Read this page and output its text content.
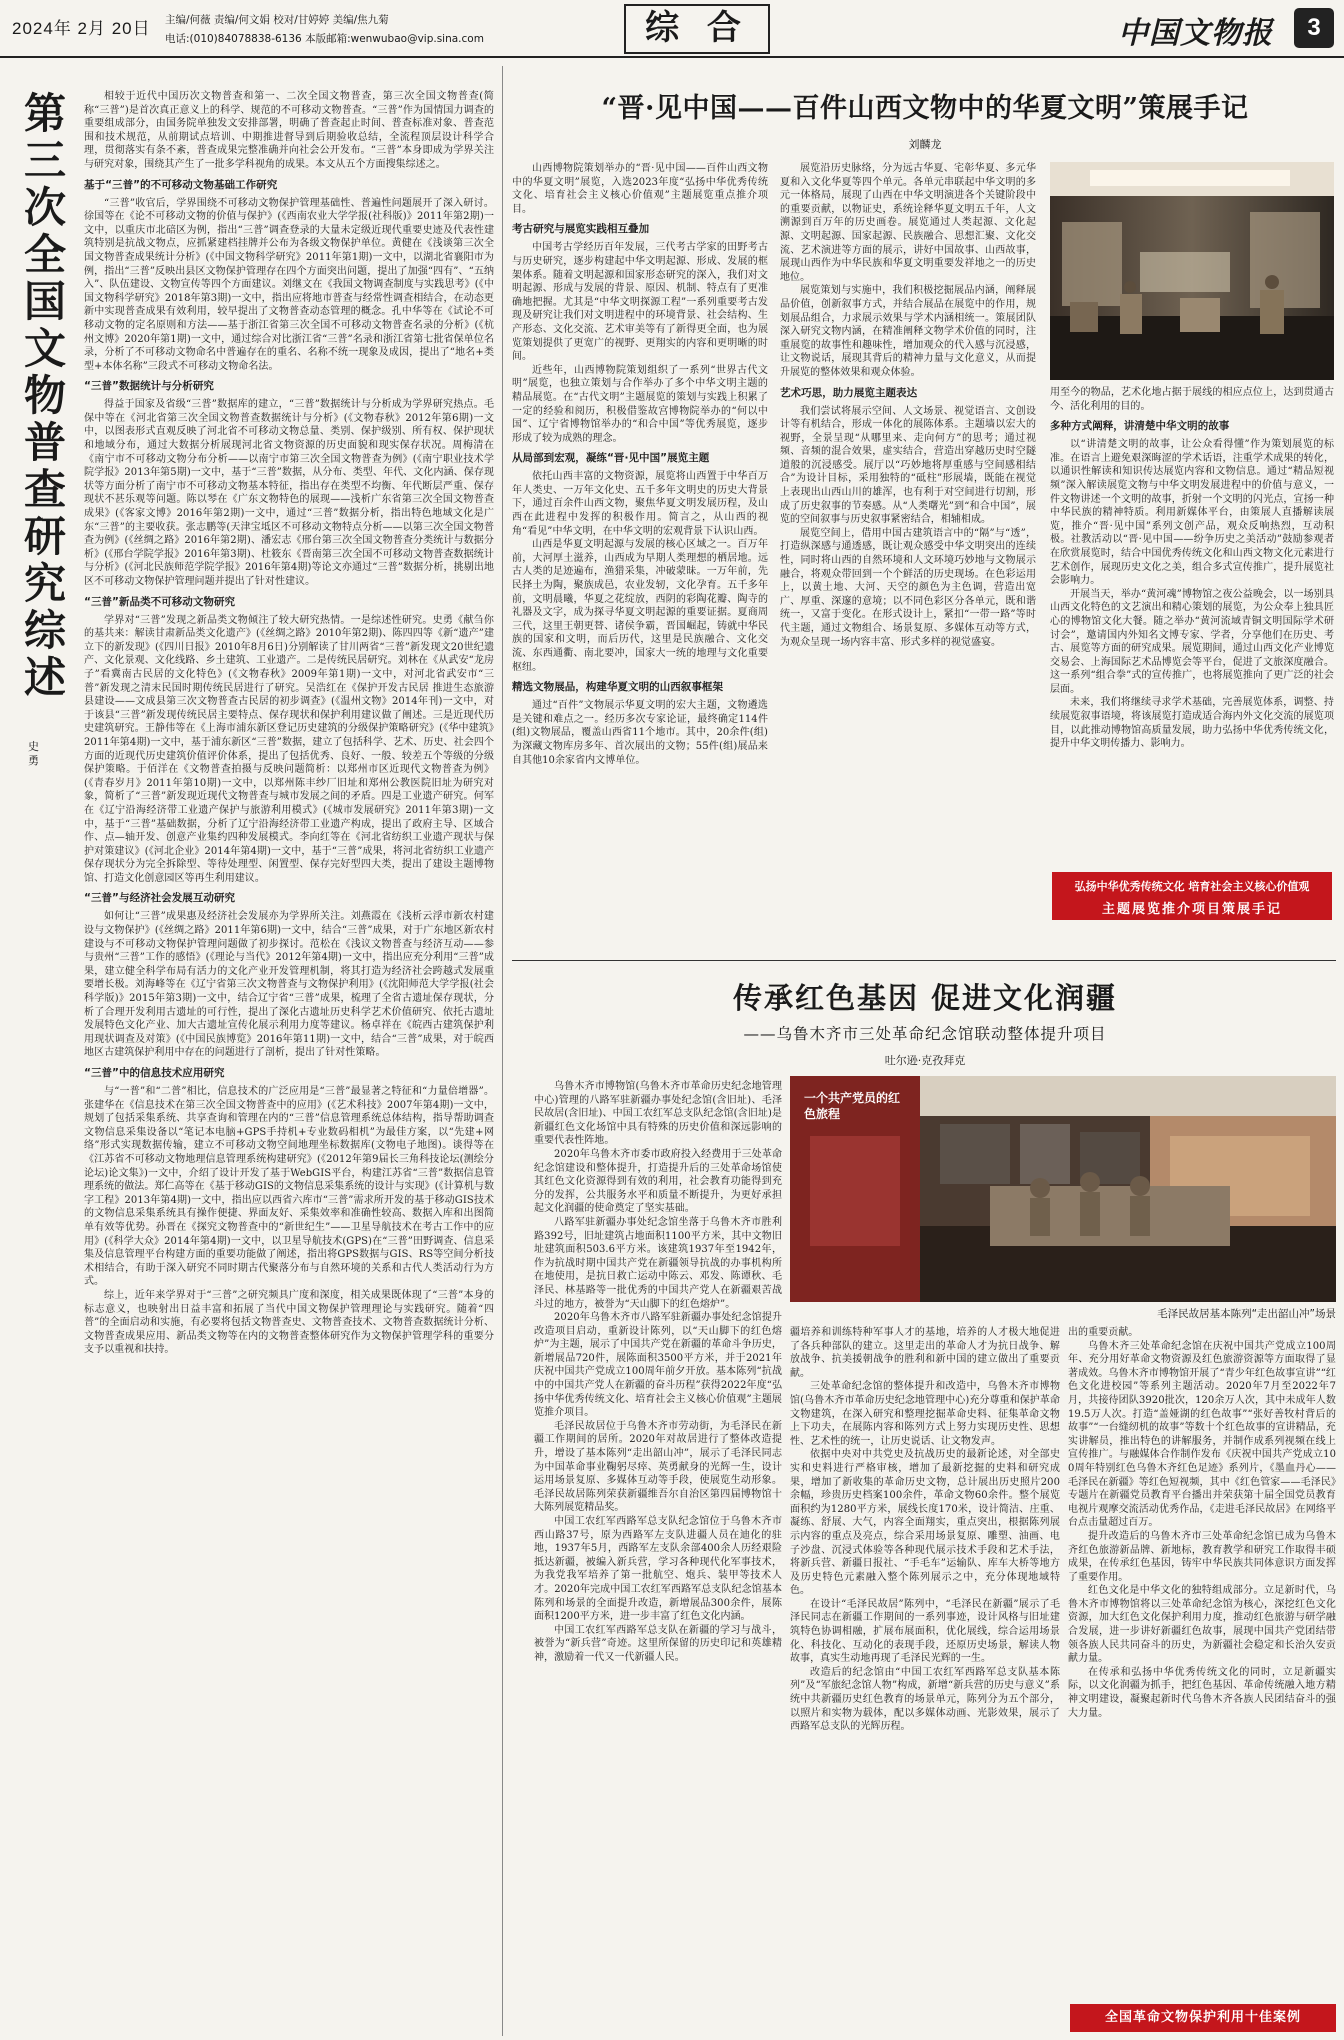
2024年 2月 20日 主编/何薇 责编/何文娟 校对/甘婷婷 美编/焦九菊
电话:(010)84078838-6136 本版邮箱:wenwubao@vip.sina.com	综 合	中国文物报	3
第
三
次
全
国
文
物
普
查
研
究
综
述
史勇
相较于近代中国历次文物普查和第一、二次全国文物普查，第三次全国文物普查(简称“三普”)是首次真正意义上的科学、规范的不可移动文物普查。“三普”作为国情国力调查的重要组成部分，由国务院单独发文安排部署，明确了普查起止时间、普查标准对象、普查范围和技术规范，从前期试点培训、中期推进督导到后期验收总结，全流程顶层设计科学合理，贯彻落实有条不紊，普查成果完整准确并向社会公开发布。“三普”本身即成为学界关注与研究对象，围绕其产生了一批多学科视角的成果。本文从五个方面搜集综述之。
基于“三普”的不可移动文物基础工作研究
“三普”收官后，学界围绕不可移动文物保护管理基础性、普遍性问题展开了深入研讨。徐国等在《论不可移动文物的价值与保护》(《西南农业大学学报(社科版)》2011年第2期)一文中，以重庆市北碚区为例，指出“三普”调查登录的大量未定级近现代重要史迹及代表性建筑特别是抗战文物点，应抓紧建档挂牌并公布为各级文物保护单位。黄健在《浅谈第三次全国文物普查成果统计分析》(《中国文物科学研究》2011年第1期)一文中，以湖北省襄阳市为例，指出“三普”反映出县区文物保护管理存在四个方面突出问题，提出了加强“四有”、“五纳入”、队伍建设、文物宣传等四个方面建议。刘继文在《我国文物调查制度与实践思考》(《中国文物科学研究》2018年第3期)一文中，指出应将地市普查与经常性调查相结合，在动态更新中实现普查成果有效利用，较早提出了文物普查动态管理的概念。孔中华等在《试论不可移动文物的定名原则和方法——基于浙江省第三次全国不可移动文物普查名录的分析》(《杭州文博》2020年第1期)一文中，通过综合对比浙江省“三普”名录和浙江省第七批省保单位名录，分析了不可移动文物命名中普遍存在的重名、名称不统一现象及成因，提出了“地名+类型+本体名称”三段式不可移动文物命名法。
“三普”数据统计与分析研究
得益于国家及省级“三普”数据库的建立，“三普”数据统计与分析成为学界研究热点。毛保中等在《河北省第三次全国文物普查数据统计与分析》(《文物春秋》2012年第6期)一文中，以图表形式直观反映了河北省不可移动文物总量、类别、保护级别、所有权、保护现状和地域分布，通过大数据分析展现河北省文物资源的历史面貌和现实保存状况。周梅清在《南宁市不可移动文物分布分析——以南宁市第三次全国文物普查为例》(《南宁职业技术学院学报》2013年第5期)一文中，基于“三普”数据，从分布、类型、年代、文化内涵、保存现状等方面分析了南宁市不可移动文物基本特征，指出存在类型不均衡、年代断层严重、保存现状不甚乐观等问题。陈以琴在《广东文物特色的展现——浅析广东省第三次全国文物普查成果》(《客家文博》2016年第2期)一文中，通过“三普”数据分析，指出特色地域文化是广东“三普”的主要收获。张志鹏等(天津宝坻区不可移动文物特点分析——以第三次全国文物普查为例》(《丝绸之路》2016年第2期)、潘宏志《邢台第三次全国文物普查分类统计与数据分析》(《邢台学院学报》2016年第3期)、杜筱东《晋南第三次全国不可移动文物普查数据统计与分析》(《河北民族师范学院学报》2016年第4期)等论文亦通过“三普”数据分析，挑剔出地区不可移动文物保护管理问题并提出了针对性建议。
“三普”新品类不可移动文物研究
学界对“三普”发现之新品类文物倾注了较大研究热情。一是综述性研究。史勇《献刍你的基共来：解读甘肃新品类文化遗产》(《丝绸之路》2010年第2期)、陈四四等《新“遗产”建立下的新发现》(《四川日报》2010年8月6日)分别解读了甘川两省“三普”新发现文20世纪遗产、文化景观、文化线路、乡土建筑、工业遗产。二是传统民居研究。刘林在《从武安“龙房子”看冀南古民居的文化特色》(《文物春秋》2009年第1期)一文中，对河北省武安市“三普”新发现之清末民国时期传统民居进行了研究。吴浩红在《保护开发古民居 推进生态旅游县建设——文成县第三次文物普查古民居的初步调查》(《温州文物》2014年刊)一文中，对于该县“三普”新发现传统民居主要特点、保存现状和保护利用建议做了阐述。三是近现代历史建筑研究。王静伟等在《上海市浦东新区登记历史建筑的分级保护策略研究》(《华中建筑》2011年第4期)一文中，基于浦东新区“三普”数据，建立了包括科学、艺术、历史、社会四个方面的近现代历史建筑价值评价体系，提出了包括优秀、良好、一般、较差五个等级的分级保护策略。于佰洋在《文物普查拍摄与反映问题简析：以郑州市区近现代文物普查为例》(《青春岁月》2011年第10期)一文中，以郑州陈丰纱厂旧址和郑州公教医院旧址为研究对象，简析了“三普”新发现近现代文物普查与城市发展之间的矛盾。四是工业遗产研究。何军在《辽宁沿海经济带工业遗产保护与旅游利用模式》(《城市发展研究》2011年第3期)一文中，基于“三普”基础数据，分析了辽宁沿海经济带工业遗产构成，提出了政府主导、区域合作、点—轴开发、创意产业集约四种发展模式。李向红等在《河北省纺织工业遗产现状与保护对策建议》(《河北企业》2014年第4期)一文中，基于“三普”成果，将河北省纺织工业遗产保存现状分为完全拆除型、等待处理型、闲置型、保存完好型四大类，提出了建设主题博物馆、打造文化创意园区等再生利用建议。
“三普”与经济社会发展互动研究
如何让“三普”成果惠及经济社会发展亦为学界所关注。刘燕霞在《浅析云浮市新农村建设与文物保护》(《丝绸之路》2011年第6期)一文中，结合“三普”成果，对于广东地区新农村建设与不可移动文物保护管理问题做了初步探讨。范松在《浅议文物普查与经济互动——参与贵州“三普”工作的感悟》(《理论与当代》2012年第4期)一文中，指出应充分利用“三普”成果，建立健全科学布局有活力的文化产业开发管理机制，将其打造为经济社会跨越式发展重要增长极。刘海峰等在《辽宁省第三次文物普查与文物保护利用》(《沈阳师范大学学报(社会科学版)》2015年第3期)一文中，结合辽宁省“三普”成果，梳理了全省古遗址保存现状，分析了合理开发利用古遗址的可行性，提出了深化古遗址历史科学艺术价值研究、依托古遗址发展特色文化产业、加大古遗址宣传化展示利用力度等建议。杨卓祥在《皖西古建筑保护利用现状调查及对策》(《中国民族博览》2016年第11期)一文中，结合“三普”成果，对于皖西地区古建筑保护利用中存在的问题进行了剖析，提出了针对性策略。
“三普”中的信息技术应用研究
与“一普”和“二普”相比，信息技术的广泛应用是“三普”最显著之特征和“力量倍增器”。张建华在《信息技术在第三次全国文物普查中的应用》(《艺术科技》2007年第4期)一文中，规划了包括采集系统、共享查询和管理在内的“三普”信息管理系统总体结构，指导帮助调查文物信息采集设备以“笔记本电脑+GPS手持机+专业数码相机”为最佳方案，以“先建+网络”形式实现数据传输，建立不可移动文物空间地理坐标数据库(文物电子地图)。谈得等在《江苏省不可移动文物地理信息管理系统构建研究》(《2012年第9届长三角科技论坛(测绘分论坛)论文集》)一文中，介绍了设计开发了基于WebGIS平台，构建江苏省“三普”数据信息管理系统的做法。郑仁高等在《基于移动GIS的文物信息采集系统的设计与实现》(《计算机与数字工程》2013年第4期)一文中，指出应以西省六库市“三普”需求所开发的基于移动GIS技术的文物信息采集系统具有操作便捷、界面友好、采集效率和准确性较高、数据入库和出图简单有效等优势。孙晋在《探究文物普查中的“新世纪生”——卫星导航技术在考古工作中的应用》(《科学大众》2014年第4期)一文中，以卫星导航技术(GPS)在“三普”田野调查、信息采集及信息管理平台构建方面的重要功能做了阐述，指出将GPS数据与GIS、RS等空间分析技术相结合，有助于深入研究不同时期古代聚落分布与自然环境的关系和古代人类活动行为方式。
综上，近年来学界对于“三普”之研究频具广度和深度，相关成果既体现了“三普”本身的标志意义，也映射出日益丰富和拓展了当代中国文物保护管理理论与实践研究。随着“四普”的全面启动和实施，有必要将包括文物普查史、文物普查技术、文物普查数据统计分析、文物普查成果应用、新品类文物等在内的文物普查整体研究作为文物保护管理学科的重要分支予以重视和扶持。
“晋·见中国——百件山西文物中的华夏文明”策展手记
刘麟龙
山西博物院策划举办的“晋·见中国——百件山西文物中的华夏文明”展览，入选2023年度“弘扬中华优秀传统文化、培育社会主义核心价值观”主题展览重点推介项目。
考古研究与展览实践相互叠加
中国考古学经历百年发展，三代考古学家的田野考古与历史研究，逐步构建起中华文明起源、形成、发展的框架体系。随着文明起源和国家形态研究的深入，我们对文明起源、形成与发展的背景、原因、机制、特点有了更准确地把握。尤其是“中华文明探源工程”一系列重要考古发现及研究让我们对文明进程中的环境背景、社会结构、生产形态、文化交流、艺术审美等有了新得更全面，也为展览策划提供了更宽广的视野、更翔实的内容和更明晰的时间。
近些年，山西博物院策划组织了一系列“世界古代文明”展览，也独立策划与合作举办了多个中华文明主题的精品展览。在“古代文明”主题展览的策划与实践上积累了一定的经验和阅历，积极借鉴故宫博物院举办的“何以中国”、辽宁省博物馆举办的“和合中国”等优秀展览，逐步形成了较为成熟的理念。
从局部到宏观，凝练“晋·见中国”展览主题
依托山西丰富的文物资源，展览将山西置于中华百万年人类史、一万年文化史、五千多年文明史的历史大背景下，通过百余件山西文物，聚焦华夏文明发展历程，及山西在此进程中发挥的积极作用。简言之，从山西的视角“看见”中华文明，在中华文明的宏观背景下认识山西。
山西是华夏文明起源与发展的核心区域之一。百万年前，大河厚土滋养，山西成为早期人类理想的栖居地。远古人类的足迹遍布，渔猎采集，冲破蒙昧。一万年前，先民择土为陶，聚族成邑，农业发轫，文化孕育。五千多年前，文明晨曦，华夏之花绽放，西阴的彩陶花瓣、陶寺的礼器及文字，成为探寻华夏文明起源的重要证据。夏商周三代，这里王朝更替、诸侯争霸，晋国崛起，铸就中华民族的国家和文明，而后历代，这里是民族融合、文化交流、东西通衢、南北要冲，国家大一统的地理与文化重要枢纽。
精选文物展品，构建华夏文明的山西叙事框架
通过“百件”文物展示华夏文明的宏大主题，文物遴选是关键和难点之一。经历多次专家论证，最终确定114件(组)文物展品，覆盖山西省11个地市。其中，20余件(组)为深藏文物库房多年、首次展出的文物；55件(组)展品来自其他10余家省内文博单位。
展览沿历史脉络，分为远古华夏、宅彰华夏、多元华夏和入文化华夏等四个单元。各单元串联起中华文明的多元一体格局，展现了山西在中华文明演进各个关键阶段中的重要贡献，以物证史，系统诠释华夏文明五千年，人文溯源到百万年的历史画卷。展览通过人类起源、文化起源、文明起源、国家起源、民族融合、思想汇聚、文化交流、艺术演进等方面的展示，讲好中国故事、山西故事，展现山西作为中华民族和华夏文明重要发祥地之一的历史地位。
展览策划与实施中，我们积极挖掘展品内涵，阐释展品价值，创新叙事方式，并结合展品在展览中的作用，规划展品组合，力求展示效果与学术内涵相统一。策展团队深入研究文物内涵，在精准阐释文物学术价值的同时，注重展览的故事性和趣味性，增加观众的代入感与沉浸感，让文物说话，展现其背后的精神力量与文化意义，从而提升展览的整体效果和观众体验。
艺术巧思，助力展览主题表达
我们尝试将展示空间、人文场景、视觉语言、文创设计等有机结合，形成一体化的展陈体系。主题墙以宏大的视野，全景呈现“从哪里来、走向何方”的思考；通过视频、音频的混合效果，虚实结合，营造出穿越历史时空隧道般的沉浸感受。展厅以“巧妙地将厚重感与空间感相结合”为设计目标，采用独特的“砥柱”形展墙，既能在视觉上表现出山西山川的雄浑，也有利于对空间进行切割，形成了历史叙事的节奏感。从“人类曙光”到“和合中国”，展览的空间叙事与历史叙事紧密结合，相辅相成。
展览空间上，借用中国古建筑语言中的“隔”与“透”，打造纵深感与通透感，既让观众感受中华文明突出的连续性，同时将山西的自然环境和人文环境巧妙地与文物展示融合，将观众带回到一个个鲜活的历史现场。在色彩运用上，以黄土地、大河、天空的颜色为主色调，营造出宽广、厚重、深邃的意境；以不同色彩区分各单元，既和谐统一，又富于变化。在形式设计上，紧扣“一带一路”等时代主题，通过文物组合、场景复原、多媒体互动等方式，为观众呈现一场内容丰富、形式多样的视觉盛宴。
用至今的物品，艺术化地占据于展线的相应点位上，达到贯通古今、活化利用的目的。
多种方式阐释，讲清楚中华文明的故事
以“讲清楚文明的故事，让公众看得懂”作为策划展览的标准。在语言上避免艰深晦涩的学术话语，注重学术成果的转化，以通识性解读和知识传达展览内容和文物信息。通过“精品短视频”深入解读展览文物与中华文明发展进程中的价值与意义，一件文物讲述一个文明的故事，折射一个文明的闪光点，宣扬一种中华民族的精神特质。利用新媒体平台，由策展人直播解读展览，推介“晋·见中国”系列文创产品，观众反响热烈，互动积极。社教活动以“晋·见中国——纷争历史之美活动”鼓励参观者在欣赏展览时，结合中国优秀传统文化和山西文物文化元素进行艺术创作，展现历史文化之美，组合多式宣传推广，提升展览社会影响力。
开展当天，举办“黄河魂”博物馆之夜公益晚会，以一场别具山西文化特色的文艺演出和精心策划的展览，为公众奉上独具匠心的博物馆文化大餐。随之举办“黄河流域青铜文明国际学术研讨会”，邀请国内外知名文博专家、学者，分享他们在历史、考古、展览等方面的研究成果。展览期间，通过山西文化产业博览交易会、上海国际艺术品博览会等平台，促进了文旅深度融合。这一系列“组合拳”式的宣传推广，也将展览推向了更广泛的社会层面。
未来，我们将继续寻求学术基础，完善展览体系，调整、持续展览叙事语境，将该展览打造成适合海内外文化交流的展览项目，以此推动博物馆高质量发展，助力弘扬中华优秀传统文化，提升中华文明传播力、影响力。
弘扬中华优秀传统文化 培育社会主义核心价值观
主题展览推介项目策展手记
传承红色基因 促进文化润疆
——乌鲁木齐市三处革命纪念馆联动整体提升项目
吐尔逊·克孜拜克
乌鲁木齐市博物馆(乌鲁木齐市革命历史纪念地管理中心)管理的八路军驻新疆办事处纪念馆(含旧址)、毛泽民故居(含旧址)、中国工农红军总支队纪念馆(含旧址)是新疆红色文化场馆中具有特殊的历史价值和深远影响的重要代表性阵地。
2020年乌鲁木齐市委市政府投入经费用于三处革命纪念馆建设和整体提升，打造提升后的三处革命场馆使其红色文化资源得到有效的利用，社会教育功能得到充分的发挥，公共服务水平和质量不断提升，为更好承担起文化润疆的使命奠定了坚实基础。
八路军驻新疆办事处纪念馆坐落于乌鲁木齐市胜利路392号，旧址建筑占地面积1100平方米，其中文物旧址建筑面积503.6平方米。该建筑1937年至1942年，作为抗战时期中国共产党在新疆领导抗战的办事机构所在地使用，是抗日救亡运动中陈云、邓发、陈谭秋、毛泽民、林基路等一批优秀的中国共产党人在新疆艰苦战斗过的地方，被誉为“天山脚下的红色熔炉”。
2020年乌鲁木齐市八路军驻新疆办事处纪念馆提升改造项目启动，重新设计陈列，以“天山脚下的红色熔炉”为主题，展示了中国共产党在新疆的革命斗争历史，新增展品720件，展陈面积3500平方米，并于2021年庆祝中国共产党成立100周年前夕开放。基本陈列“抗战中的中国共产党人在新疆的奋斗历程”获得2022年度“弘扬中华优秀传统文化、培育社会主义核心价值观”主题展览推介项目。
毛泽民故居位于乌鲁木齐市劳动街，为毛泽民在新疆工作期间的居所。2020年对故居进行了整体改造提升，增设了基本陈列“走出韶山冲”，展示了毛泽民同志为中国革命事业鞠躬尽瘁、英勇献身的光辉一生，设计运用场景复原、多媒体互动等手段，使展览生动形象。毛泽民故居陈列荣获新疆维吾尔自治区第四届博物馆十大陈列展览精品奖。
中国工农红军西路军总支队纪念馆位于乌鲁木齐市西山路37号，原为西路军左支队进疆人员在迪化的驻地，1937年5月，西路军左支队余部400余人历经艰险抵达新疆，被编入新兵营，学习各种现代化军事技术，为我党我军培养了第一批航空、炮兵、装甲等技术人才。2020年完成中国工农红军西路军总支队纪念馆基本陈列和场景的全面提升改造，新增展品300余件，展陈面积1200平方米，进一步丰富了红色文化内涵。
中国工农红军西路军总支队在新疆的学习与战斗，被誉为“新兵营”奇迹。这里所保留的历史印记和英雄精神，激励着一代又一代新疆人民。
一个共产党员的红色旅程
毛泽民故居基本陈列“走出韶山冲”场景
疆培养和训练特种军事人才的基地，培养的人才极大地促进了各兵种部队的建立。这里走出的革命人才为抗日战争、解放战争、抗美援朝战争的胜利和新中国的建立做出了重要贡献。
三处革命纪念馆的整体提升和改造中，乌鲁木齐市博物馆(乌鲁木齐市革命历史纪念地管理中心)充分尊重和保护革命文物建筑，在深入研究和整理挖掘革命史料、征集革命文物上下功夫，在展陈内容和陈列方式上努力实现历史性、思想性、艺术性的统一，让历史说话、让文物发声。
依据中央对中共党史及抗战历史的最新论述，对全部史实和史料进行严格审核，增加了最新挖掘的史料和研究成果，增加了新收集的革命历史文物，总计展出历史照片200余幅，珍贵历史档案100余件，革命文物60余件。整个展览面积约为1280平方米，展线长度170米，设计简洁、庄重、凝练、舒展、大气，内容全面翔实，重点突出，根据陈列展示内容的重点及亮点，综合采用场景复原、雕塑、油画、电子沙盘、沉浸式体验等各种现代展示技术手段和艺术手法，将新兵营、新疆日报社、“手毛车”运输队、库车大桥等地方及历史特色元素融入整个陈列展示之中，充分体现地域特色。
在设计“毛泽民故居”陈列中，“毛泽民在新疆”展示了毛泽民同志在新疆工作期间的一系列事迹，设计风格与旧址建筑特色协调相融，扩展布展面积，优化展线，综合运用场景化、科技化、互动化的表现手段，还原历史场景，解读人物故事，真实生动地再现了毛泽民光辉的一生。
改造后的纪念馆由“中国工农红军西路军总支队基本陈列”及“军旅纪念馆人物”构成，新增“新兵营的历史与意义”系统中共新疆历史红色教育的场景单元，陈列分为五个部分，以照片和实物为载体，配以多媒体动画、光影效果，展示了西路军总支队的光辉历程。
出的重要贡献。
乌鲁木齐三处革命纪念馆在庆祝中国共产党成立100周年、充分用好革命文物资源及红色旅游资源等方面取得了显著成效。乌鲁木齐市博物馆开展了“青少年红色故事宣讲”“红色文化进校园”等系列主题活动。2020年7月至2022年7月，共接待团队3920批次，120余万人次，其中未成年人数19.5万人次。打造“盖娅湖的红色故事”“张好善牧村背后的故事”“一台缝纫机的故事”等数十个红色故事的宣讲精品，充实讲解员，推出特色的讲解服务，并制作成系列视频在线上宣传推广。与融媒体合作制作发布《庆祝中国共产党成立100周年特别红色乌鲁木齐红色足迹》系列片，《墨血丹心——毛泽民在新疆》等红色短视频，其中《红色管家——毛泽民》专题片在新疆党员教育平台播出并荣获第十届全国党员教育电视片观摩交流活动优秀作品，《走进毛泽民故居》在网络平台点击量超过百万。
提升改造后的乌鲁木齐市三处革命纪念馆已成为乌鲁木齐红色旅游新品牌、新地标，教育教学和研究工作取得丰硕成果，在传承红色基因，铸牢中华民族共同体意识方面发挥了重要作用。
红色文化是中华文化的独特组成部分。立足新时代，乌鲁木齐市博物馆将以三处革命纪念馆为核心，深挖红色文化资源，加大红色文化保护利用力度，推动红色旅游与研学融合发展，进一步讲好新疆红色故事，展现中国共产党团结带领各族人民共同奋斗的历史，为新疆社会稳定和长治久安贡献力量。
在传承和弘扬中华优秀传统文化的同时，立足新疆实际，以文化润疆为抓手，把红色基因、革命传统融入地方精神文明建设，凝聚起新时代乌鲁木齐各族人民团结奋斗的强大力量。
全国革命文物保护利用十佳案例
